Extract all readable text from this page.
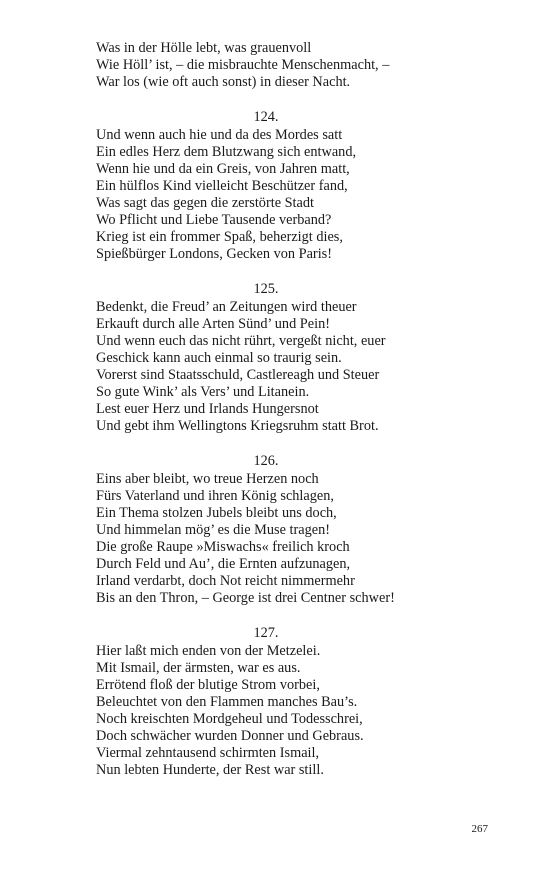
Was in der Hölle lebt, was grauenvoll
Wie Höll’ ist, – die misbrauchte Menschenmacht, –
War los (wie oft auch sonst) in dieser Nacht.
124.
Und wenn auch hie und da des Mordes satt
Ein edles Herz dem Blutzwang sich entwand,
Wenn hie und da ein Greis, von Jahren matt,
Ein hülflos Kind vielleicht Beschützer fand,
Was sagt das gegen die zerstörte Stadt
Wo Pflicht und Liebe Tausende verband?
Krieg ist ein frommer Spaß, beherzigt dies,
Spießbürger Londons, Gecken von Paris!
125.
Bedenkt, die Freud’ an Zeitungen wird theuer
Erkauft durch alle Arten Sünd’ und Pein!
Und wenn euch das nicht rührt, vergeßt nicht, euer
Geschick kann auch einmal so traurig sein.
Vorerst sind Staatsschuld, Castlereagh und Steuer
So gute Wink’ als Vers’ und Litanein.
Lest euer Herz und Irlands Hungersnot
Und gebt ihm Wellingtons Kriegsruhm statt Brot.
126.
Eins aber bleibt, wo treue Herzen noch
Fürs Vaterland und ihren König schlagen,
Ein Thema stolzen Jubels bleibt uns doch,
Und himmelan mög’ es die Muse tragen!
Die große Raupe »Miswachs« freilich kroch
Durch Feld und Au’, die Ernten aufzunagen,
Irland verdarbt, doch Not reicht nimmermehr
Bis an den Thron, – George ist drei Centner schwer!
127.
Hier laßt mich enden von der Metzelei.
Mit Ismail, der ärmsten, war es aus.
Errötend floß der blutige Strom vorbei,
Beleuchtet von den Flammen manches Bau’s.
Noch kreischten Mordgeheul und Todesschrei,
Doch schwächer wurden Donner und Gebraus.
Viermal zehntausend schirmten Ismail,
Nun lebten Hunderte, der Rest war still.
267
